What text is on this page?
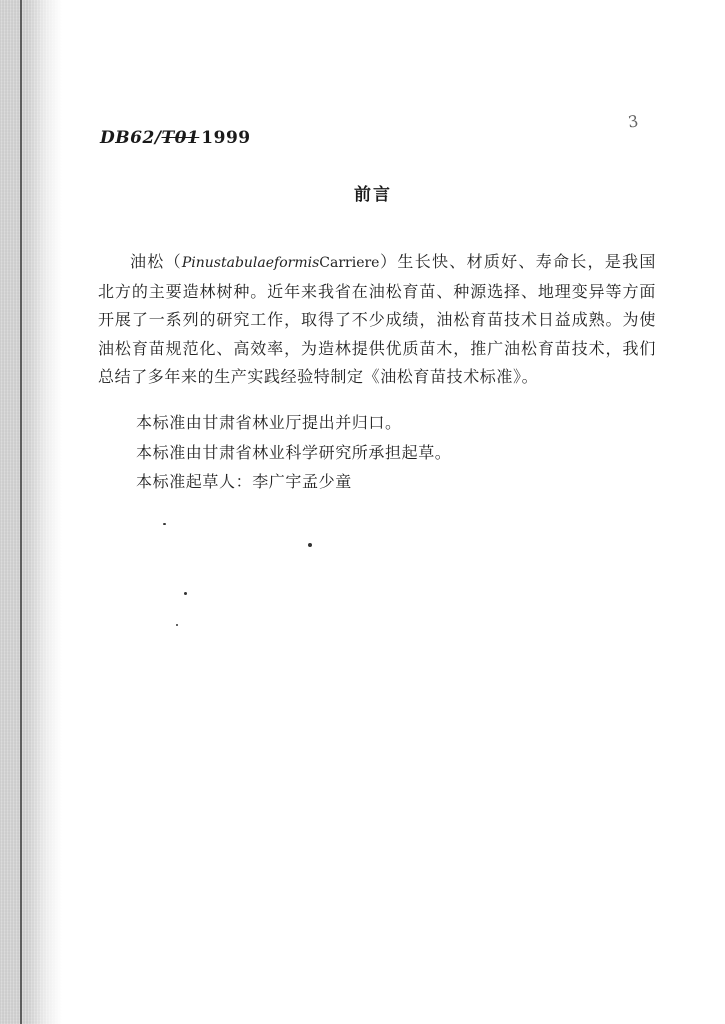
DB62/T01 1999
3
前言
油松（PinustabulaeformisCarriere）生长快、材质好、寿命长，是我国北方的主要造林树种。近年来我省在油松育苗、种源选择、地理变异等方面开展了一系列的研究工作，取得了不少成绩，油松育苗技术日益成熟。为使油松育苗规范化、高效率，为造林提供优质苗木，推广油松育苗技术，我们总结了多年来的生产实践经验特制定《油松育苗技术标准》。
本标准由甘肃省林业厅提出并归口。
本标准由甘肃省林业科学研究所承担起草。
本标准起草人：李广宇孟少童
